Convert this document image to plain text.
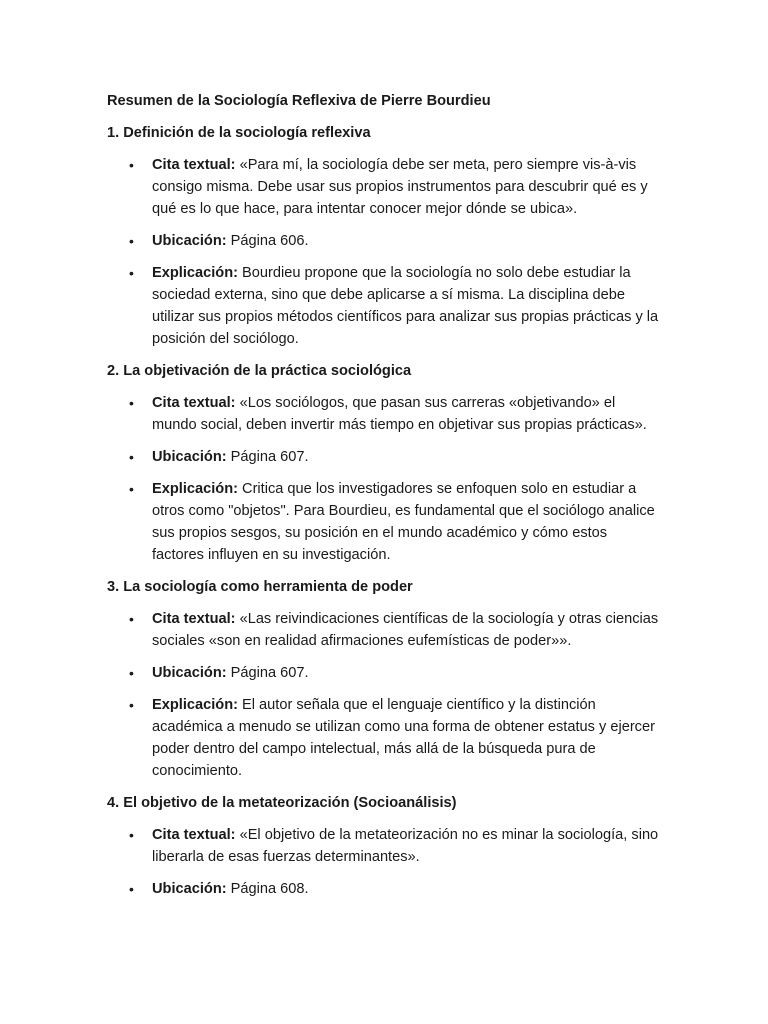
Resumen de la Sociología Reflexiva de Pierre Bourdieu
1. Definición de la sociología reflexiva
• Cita textual: «Para mí, la sociología debe ser meta, pero siempre vis-à-vis consigo misma. Debe usar sus propios instrumentos para descubrir qué es y qué es lo que hace, para intentar conocer mejor dónde se ubica».
• Ubicación: Página 606.
• Explicación: Bourdieu propone que la sociología no solo debe estudiar la sociedad externa, sino que debe aplicarse a sí misma. La disciplina debe utilizar sus propios métodos científicos para analizar sus propias prácticas y la posición del sociólogo.
2. La objetivación de la práctica sociológica
• Cita textual: «Los sociólogos, que pasan sus carreras «objetivando» el mundo social, deben invertir más tiempo en objetivar sus propias prácticas».
• Ubicación: Página 607.
• Explicación: Critica que los investigadores se enfoquen solo en estudiar a otros como "objetos". Para Bourdieu, es fundamental que el sociólogo analice sus propios sesgos, su posición en el mundo académico y cómo estos factores influyen en su investigación.
3. La sociología como herramienta de poder
• Cita textual: «Las reivindicaciones científicas de la sociología y otras ciencias sociales «son en realidad afirmaciones eufemísticas de poder»».
• Ubicación: Página 607.
• Explicación: El autor señala que el lenguaje científico y la distinción académica a menudo se utilizan como una forma de obtener estatus y ejercer poder dentro del campo intelectual, más allá de la búsqueda pura de conocimiento.
4. El objetivo de la metateorización (Socioanálisis)
• Cita textual: «El objetivo de la metateorización no es minar la sociología, sino liberarla de esas fuerzas determinantes».
• Ubicación: Página 608.
